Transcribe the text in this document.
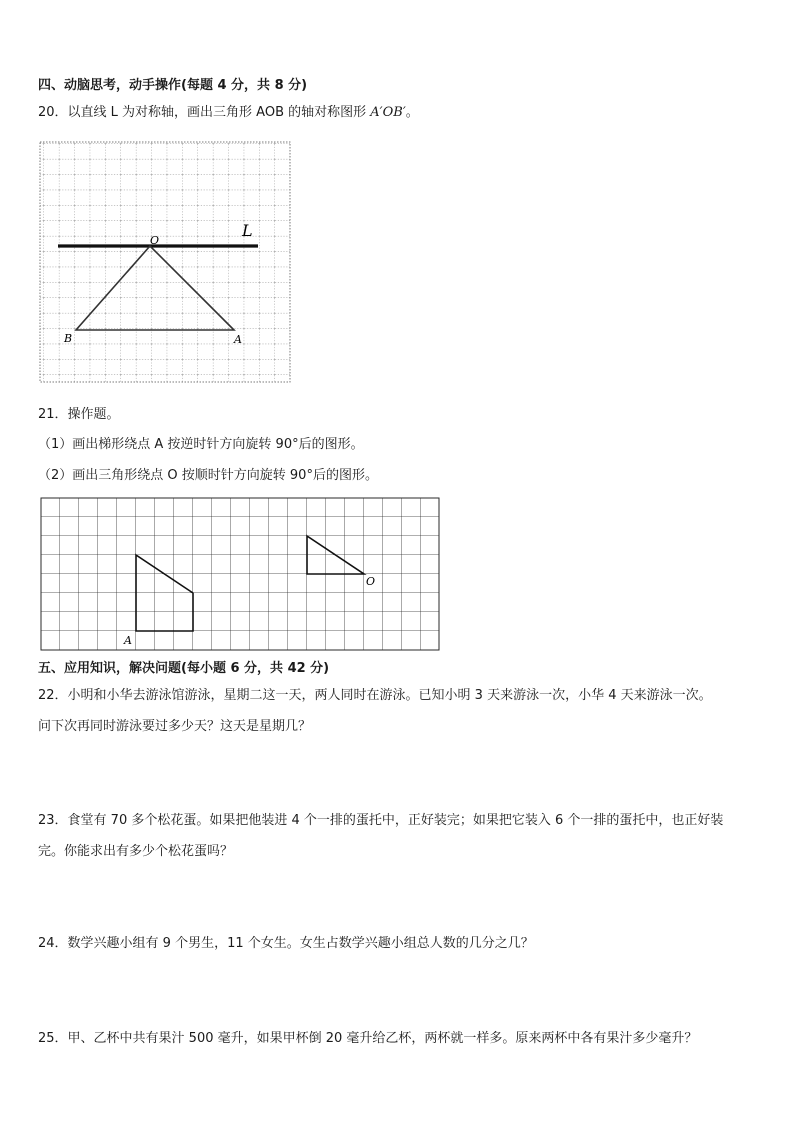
四、动脑思考，动手操作(每题 4 分，共 8 分)
20．以直线 L 为对称轴，画出三角形 AOB 的轴对称图形 A′OB′。
L
O
A
B
21．操作题。
（1）画出梯形绕点 A 按逆时针方向旋转 90°后的图形。
（2）画出三角形绕点 O 按顺时针方向旋转 90°后的图形。
A
O
五、应用知识，解决问题(每小题 6 分，共 42 分)
22．小明和小华去游泳馆游泳，星期二这一天，两人同时在游泳。已知小明 3 天来游泳一次，小华 4 天来游泳一次。
问下次再同时游泳要过多少天？这天是星期几？
23．食堂有 70 多个松花蛋。如果把他装进 4 个一排的蛋托中，正好装完；如果把它装入 6 个一排的蛋托中，也正好装
完。你能求出有多少个松花蛋吗？
24．数学兴趣小组有 9 个男生，11 个女生。女生占数学兴趣小组总人数的几分之几？
25．甲、乙杯中共有果汁 500 毫升，如果甲杯倒 20 毫升给乙杯，两杯就一样多。原来两杯中各有果汁多少毫升？
